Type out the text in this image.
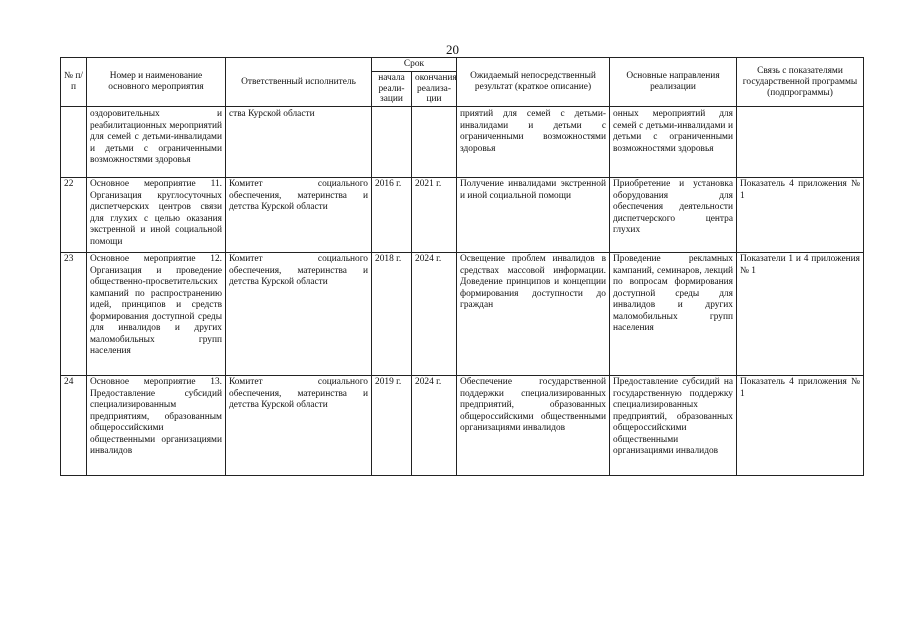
20
№ п/п	Номер и наименование основного мероприятия	Ответственный исполнитель	Срок		Ожидаемый непосредственный результат (краткое описание)	Основные направления реализации	Связь с показателями государственной программы (подпрограммы)
			начала реали-зации	окончания реализа-ции			
	оздоровительных и реабилитационных мероприятий для семей с детьми-инвалидами и детьми с ограниченными возможностями здоровья	ства Курской области			приятий для семей с детьми-инвалидами и детьми с ограниченными возможностями здоровья	онных мероприятий для семей с детьми-инвалидами и детьми с ограниченными возможностями здоровья	
22	Основное мероприятие 11. Организация круглосуточных диспетчерских центров связи для глухих с целью оказания экстренной и иной социальной помощи	Комитет социального обеспечения, материнства и детства Курской области	2016 г.	2021 г.	Получение инвалидами экстренной и иной социальной помощи	Приобретение и установка оборудования для обеспечения деятельности диспетчерского центра глухих	Показатель 4 приложения № 1
23	Основное мероприятие 12. Организация и проведение общественно-просветительских кампаний по распространению идей, принципов и средств формирования доступной среды для инвалидов и других маломобильных групп населения	Комитет социального обеспечения, материнства и детства Курской области	2018 г.	2024 г.	Освещение проблем инвалидов в средствах массовой информации. Доведение принципов и концепции формирования доступности до граждан	Проведение рекламных кампаний, семинаров, лекций по вопросам формирования доступной среды для инвалидов и других маломобильных групп населения	Показатели 1 и 4 приложения № 1
24	Основное мероприятие 13. Предоставление субсидий специализированным предприятиям, образованным общероссийскими общественными организациями инвалидов	Комитет социального обеспечения, материнства и детства Курской области	2019 г.	2024 г.	Обеспечение государственной поддержки специализированных предприятий, образованных общероссийскими общественными организациями инвалидов	Предоставление субсидий на государственную поддержку специализированных предприятий, образованных общероссийскими общественными организациями инвалидов	Показатель 4 приложения № 1
